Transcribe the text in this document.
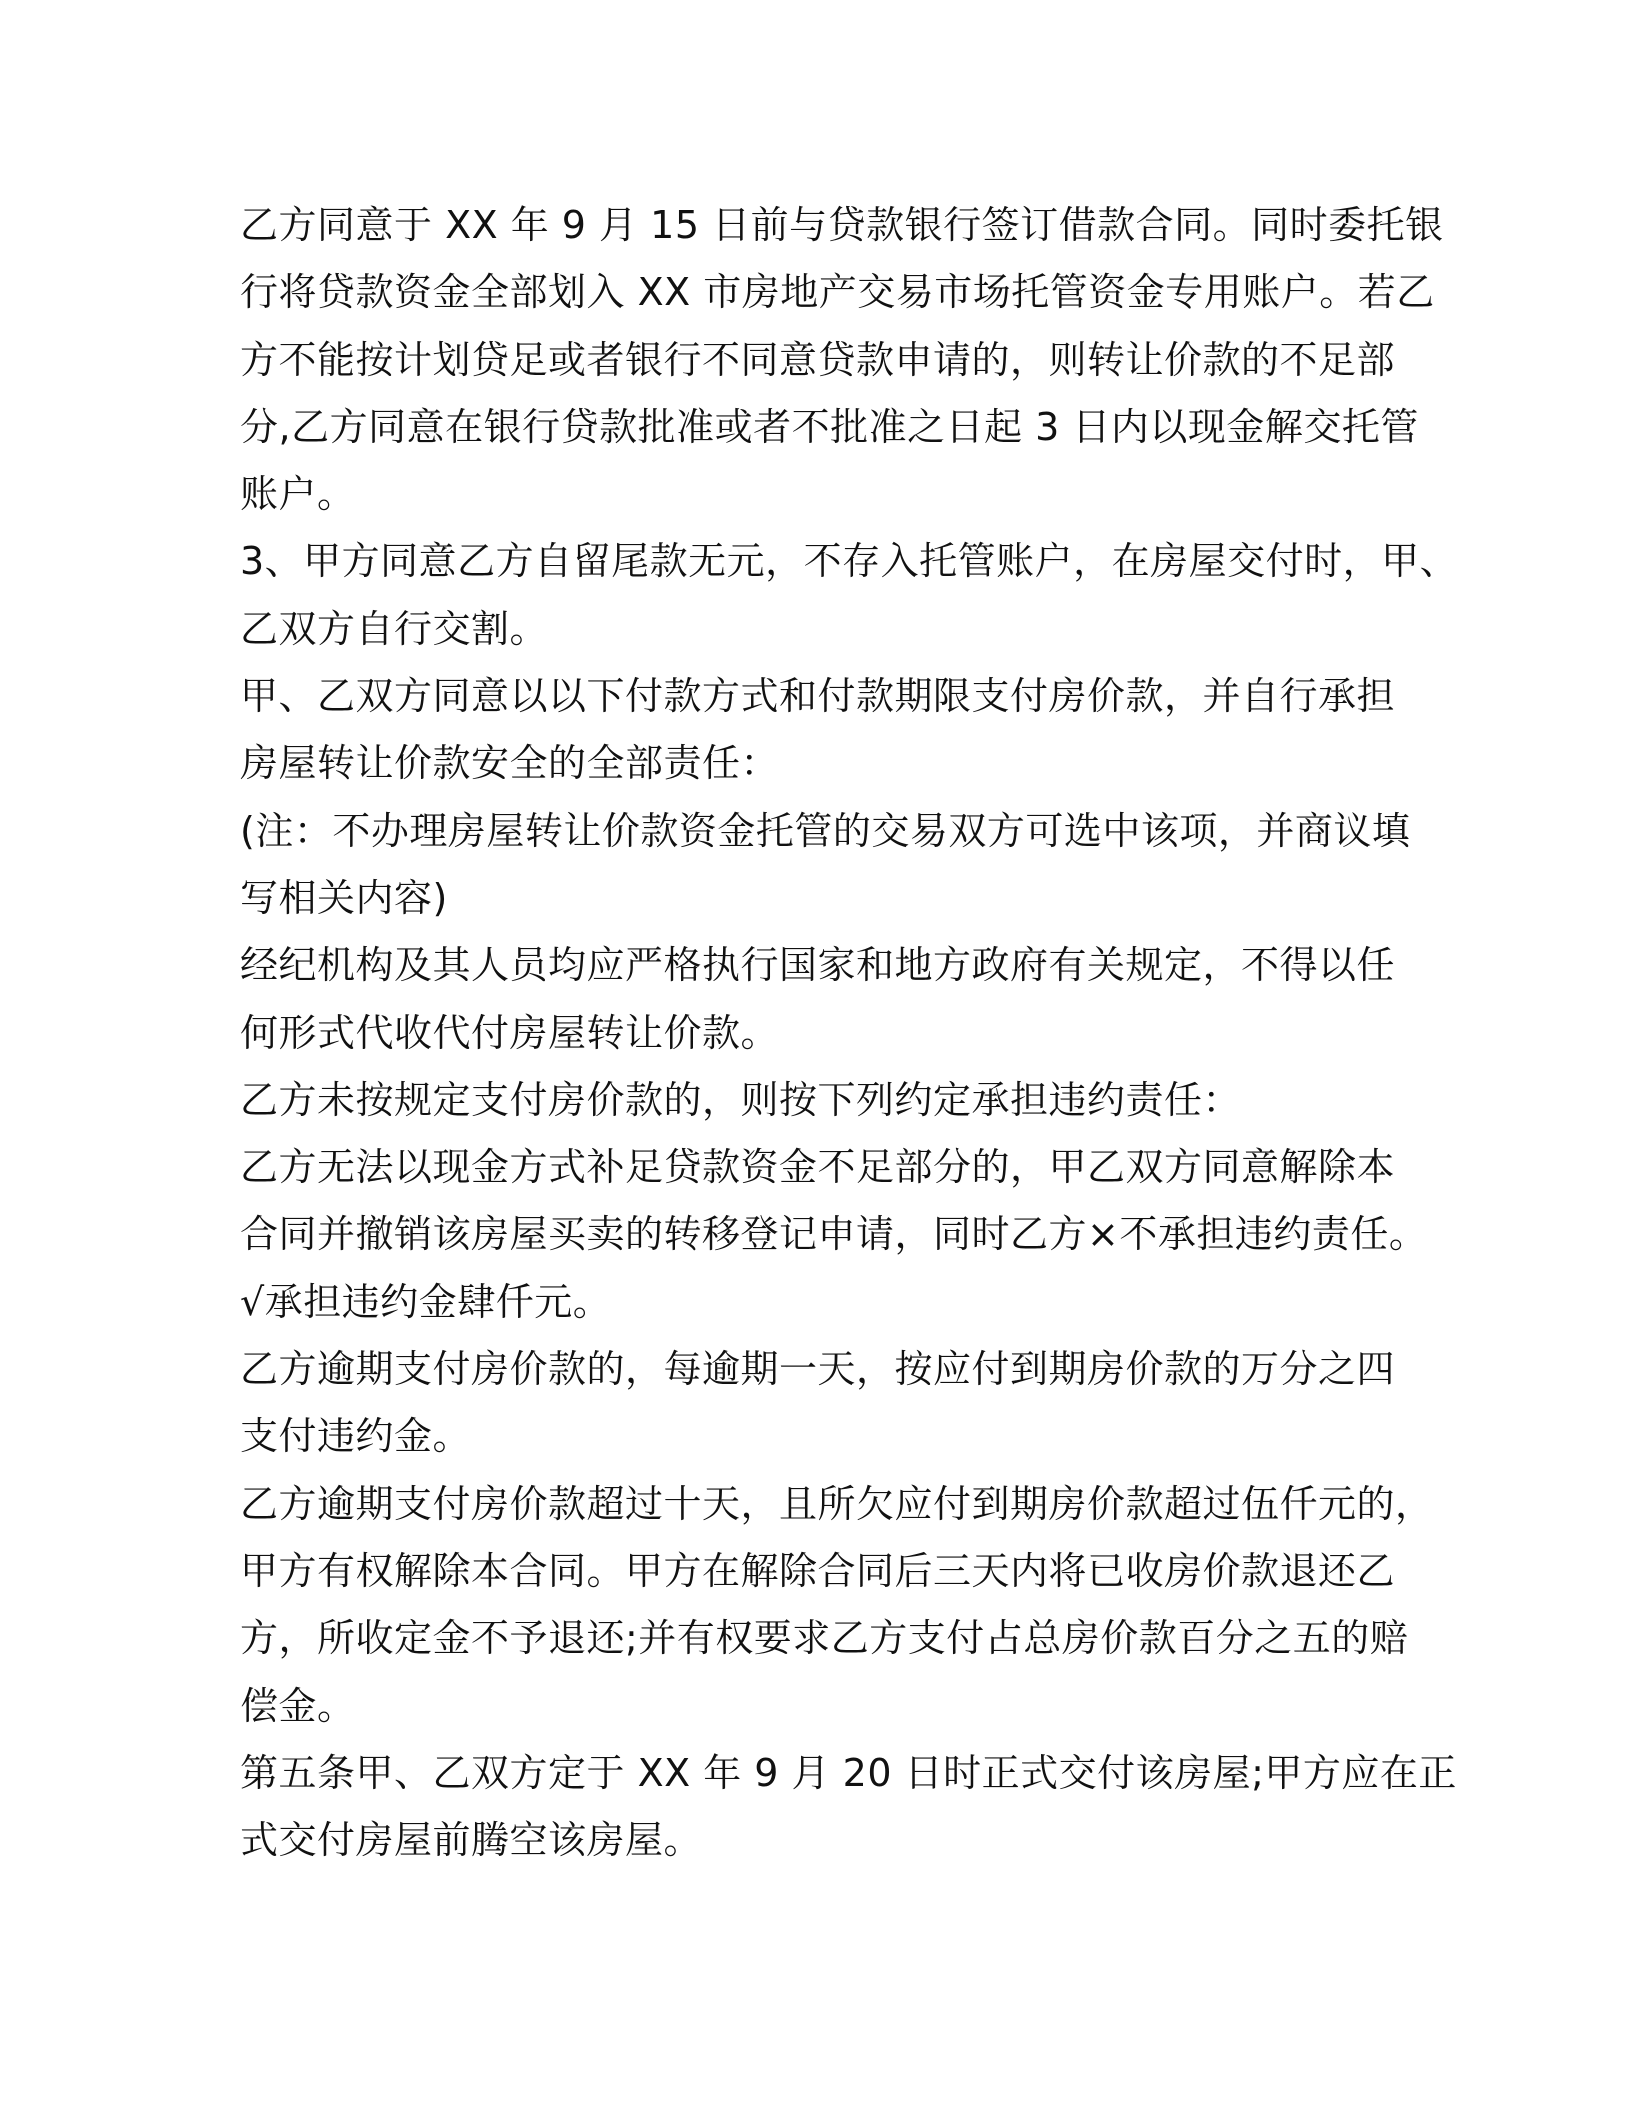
乙方同意于 XX 年 9 月 15 日前与贷款银行签订借款合同。同时委托银
行将贷款资金全部划入 XX 市房地产交易市场托管资金专用账户。若乙
方不能按计划贷足或者银行不同意贷款申请的，则转让价款的不足部
分,乙方同意在银行贷款批准或者不批准之日起 3 日内以现金解交托管
账户。
3、甲方同意乙方自留尾款无元，不存入托管账户，在房屋交付时，甲、
乙双方自行交割。
甲、乙双方同意以以下付款方式和付款期限支付房价款，并自行承担
房屋转让价款安全的全部责任：
(注：不办理房屋转让价款资金托管的交易双方可选中该项，并商议填
写相关内容)
经纪机构及其人员均应严格执行国家和地方政府有关规定，不得以任
何形式代收代付房屋转让价款。
乙方未按规定支付房价款的，则按下列约定承担违约责任：
乙方无法以现金方式补足贷款资金不足部分的，甲乙双方同意解除本
合同并撤销该房屋买卖的转移登记申请，同时乙方×不承担违约责任。
√承担违约金肆仟元。
乙方逾期支付房价款的，每逾期一天，按应付到期房价款的万分之四
支付违约金。
乙方逾期支付房价款超过十天，且所欠应付到期房价款超过伍仟元的，
甲方有权解除本合同。甲方在解除合同后三天内将已收房价款退还乙
方，所收定金不予退还;并有权要求乙方支付占总房价款百分之五的赔
偿金。
第五条甲、乙双方定于 XX 年 9 月 20 日时正式交付该房屋;甲方应在正
式交付房屋前腾空该房屋。
